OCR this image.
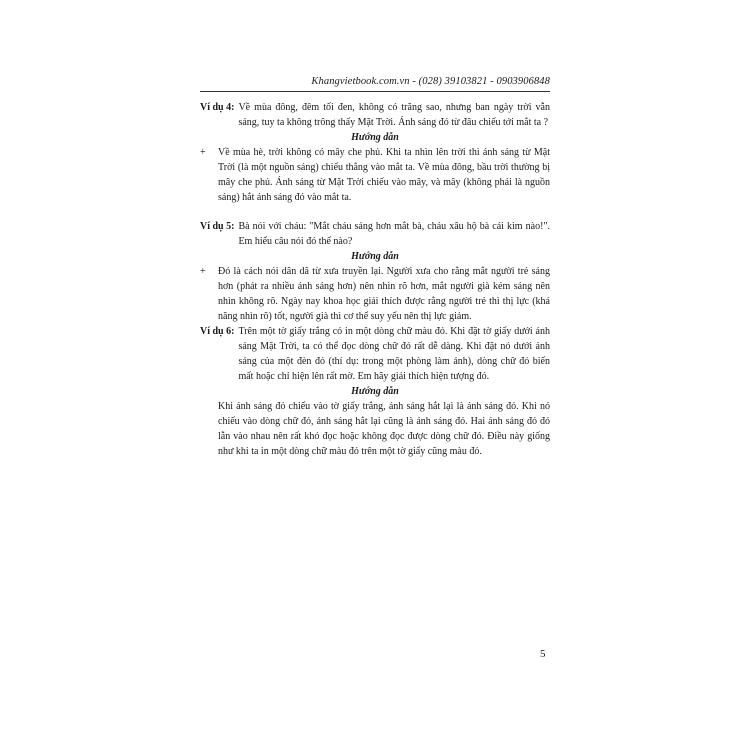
Khangvietbook.com.vn - (028) 39103821 - 0903906848
Ví dụ 4: Về mùa đông, đêm tối đen, không có trăng sao, nhưng ban ngày trời vẫn sáng, tuy ta không trông thấy Mặt Trời. Ánh sáng đó từ đâu chiếu tới mắt ta ?

Hướng dẫn

+	Về mùa hè, trời không có mây che phủ. Khi ta nhìn lên trời thì ánh sáng từ Mặt Trời (là một nguồn sáng) chiếu thẳng vào mắt ta. Về mùa đông, bầu trời thường bị mây che phủ. Ánh sáng từ Mặt Trời chiếu vào mây, và mây (không phải là nguồn sáng) hắt ánh sáng đó vào mắt ta.
Ví dụ 5: Bà nói với cháu: "Mắt cháu sáng hơn mắt bà, cháu xâu hộ bà cái kim nào!". Em hiểu câu nói đó thế nào?

Hướng dẫn

+	Đó là cách nói dân dã từ xưa truyền lại. Người xưa cho rằng mắt người trẻ sáng hơn (phát ra nhiều ánh sáng hơn) nên nhìn rõ hơn, mắt người già kém sáng nên nhìn không rõ. Ngày nay khoa học giải thích được rằng người trẻ thì thị lực (khả năng nhìn rõ) tốt, người già thì cơ thể suy yếu nên thị lực giảm.
Ví dụ 6: Trên một tờ giấy trắng có in một dòng chữ màu đỏ. Khi đặt tờ giấy dưới ánh sáng Mặt Trời, ta có thể đọc dòng chữ đó rất dễ dàng. Khi đặt nó dưới ánh sáng của một đèn đỏ (thí dụ: trong một phòng làm ảnh), dòng chữ đó biến mất hoặc chỉ hiện lên rất mờ. Em hãy giải thích hiện tượng đó.

Hướng dẫn

Khi ánh sáng đỏ chiếu vào tờ giấy trắng, ánh sáng hắt lại là ánh sáng đỏ. Khi nó chiếu vào dòng chữ đỏ, ánh sáng hắt lại cũng là ánh sáng đỏ. Hai ánh sáng đỏ đó lẫn vào nhau nên rất khó đọc hoặc không đọc được dòng chữ đó. Điều này giống như khi ta in một dòng chữ màu đỏ trên một tờ giấy cũng màu đỏ.
5
